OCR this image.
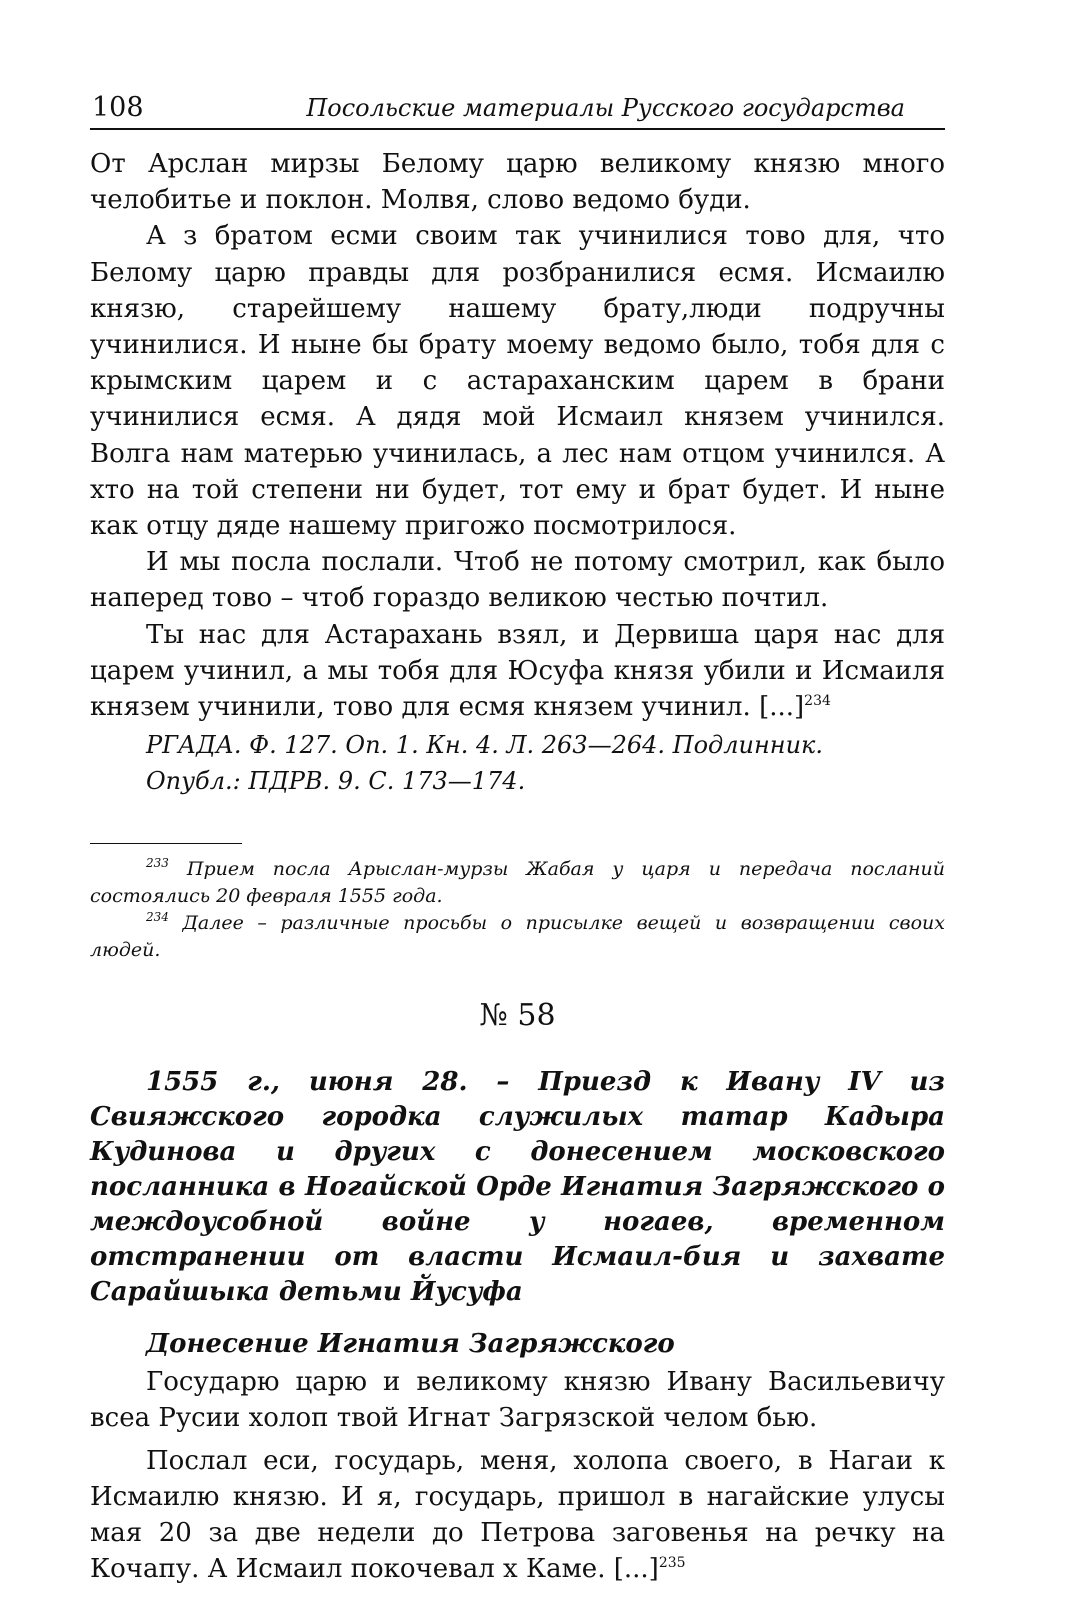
108	Посольские материалы Русского государства

От Арслан мирзы Белому царю великому князю много челобитье и поклон. Молвя, слово ведомо буди.

А з братом есми своим так учинилися тово для, что Белому царю правды для розбранилися есмя. Исмаилю князю, старейшему нашему брату,люди подручны учинилися. И ныне бы брату моему ведомо было, тобя для с крымским царем и с астараханским царем в брани учинилися есмя. А дядя мой Исмаил князем учинился. Волга нам матерью учинилась, а лес нам отцом учинился. А хто на той степени ни будет, тот ему и брат будет. И ныне как отцу дяде нашему пригожо посмотрилося.

И мы посла послали. Чтоб не потому смотрил, как было наперед тово – чтоб гораздо великою честью почтил.

Ты нас для Астарахань взял, и Дервиша царя нас для царем учинил, а мы тобя для Юсуфа князя убили и Исмаиля князем учинили, тово для есмя князем учинил. [...]$^{234}$

РГАДА. Ф. 127. Оп. 1. Кн. 4. Л. 263—264. Подлинник.

Опубл.: ПДРВ. 9. С. 173—174.

$^{233}$ Прием посла Арыслан-мурзы Жабая у царя и передача посланий состоялись 20 февраля 1555 года.

$^{234}$ Далее – различные просьбы о присылке вещей и возвращении своих людей.

№ 58

1555 г., июня 28. – Приезд к Ивану IV из Свияжского городка служилых татар Кадыра Кудинова и других с донесением московского посланника в Ногайской Орде Игнатия Загряжского о междоусобной войне у ногаев, временном отстранении от власти Исмаил-бия и захвате Сарайшыка детьми Йусуфа

Донесение Игнатия Загряжского

Государю царю и великому князю Ивану Васильевичу всеа Русии холоп твой Игнат Загрязской челом бью.

Послал еси, государь, меня, холопа своего, в Нагаи к Исмаилю князю. И я, государь, пришол в нагайские улусы мая 20 за две недели до Петрова заговенья на речку на Кочапу. А Исмаил покочевал х Каме. [...]$^{235}$
